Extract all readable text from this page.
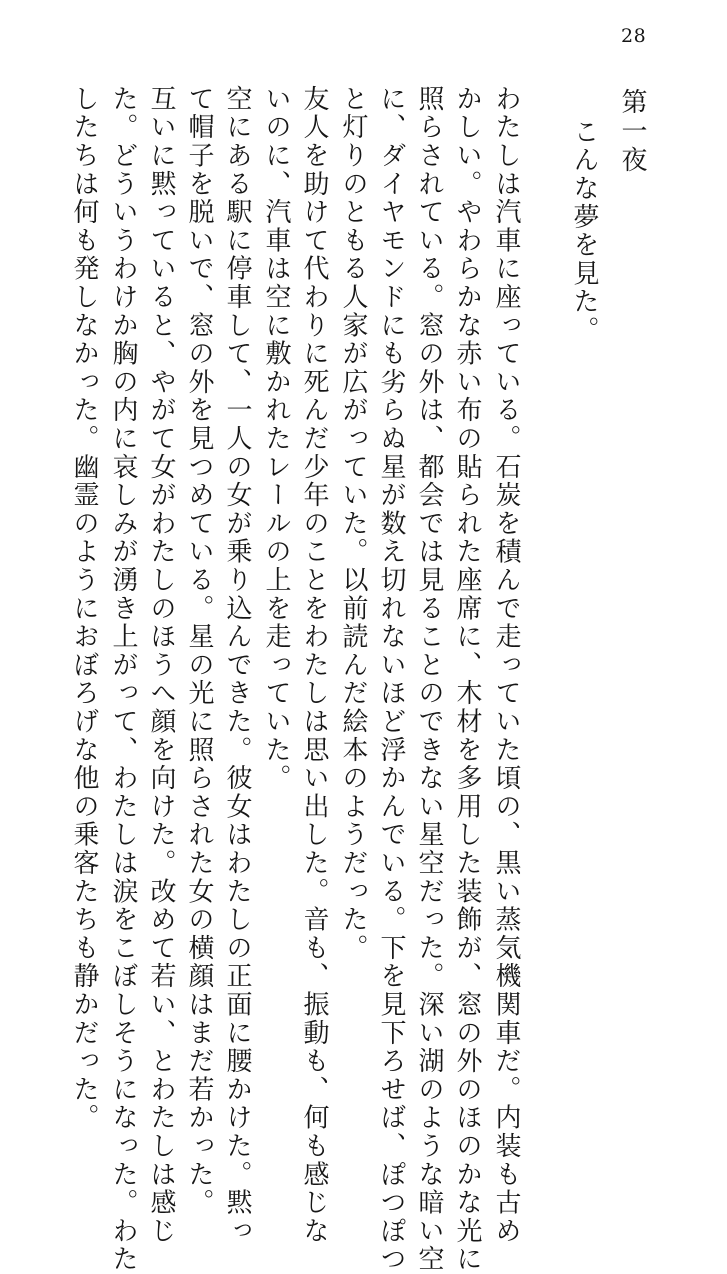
28
第一夜
こんな夢を見た。
わたしは汽車に座っている。石炭を積んで走っていた頃の、黒い蒸気機関車だ。内装も古め
かしい。やわらかな赤い布の貼られた座席に、木材を多用した装飾が、窓の外のほのかな光に
照らされている。窓の外は、都会では見ることのできない星空だった。深い湖のような暗い空
に、ダイヤモンドにも劣らぬ星が数え切れないほど浮かんでいる。下を見下ろせば、ぽつぽつ
と灯りのともる人家が広がっていた。以前読んだ絵本のようだった。
友人を助けて代わりに死んだ少年のことをわたしは思い出した。音も、振動も、何も感じな
いのに、汽車は空に敷かれたレールの上を走っていた。
空にある駅に停車して、一人の女が乗り込んできた。彼女はわたしの正面に腰かけた。黙っ
て帽子を脱いで、窓の外を見つめている。星の光に照らされた女の横顔はまだ若かった。
互いに黙っていると、やがて女がわたしのほうへ顔を向けた。改めて若い、とわたしは感じ
た。どういうわけか胸の内に哀しみが湧き上がって、わたしは涙をこぼしそうになった。わた
したちは何も発しなかった。幽霊のようにおぼろげな他の乗客たちも静かだった。
